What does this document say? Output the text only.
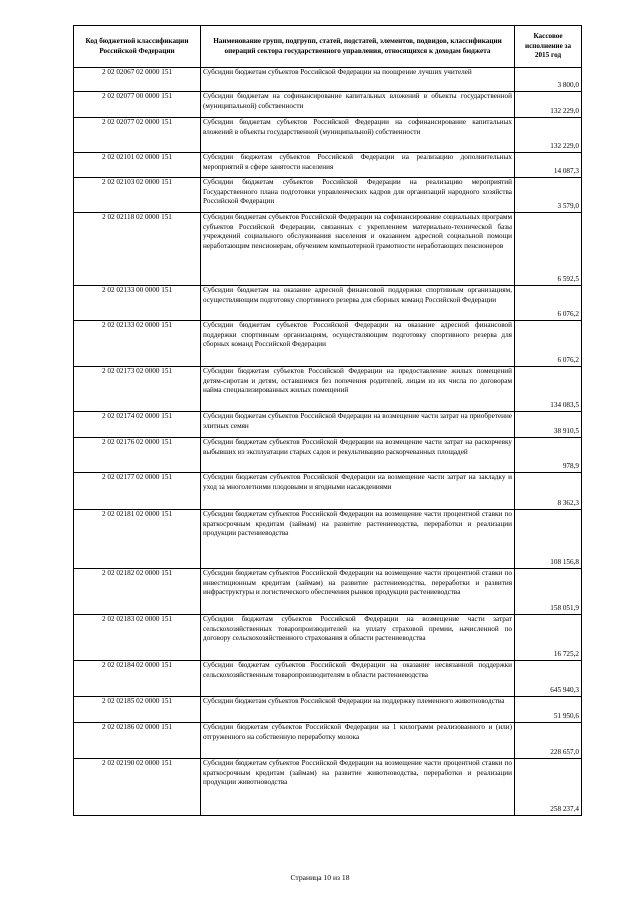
Код бюджетной классификации Российской Федерации	Наименование групп, подгрупп, статей, подстатей, элементов, подвидов, классификации операций сектора государственного управления, относящихся к доходам бюджета	Кассовое исполнение за 2015 год
2 02 02067 02 0000 151	Субсидии бюджетам субъектов Российской Федерации на поощрение лучших учителей	3 800,0
2 02 02077 00 0000 151	Субсидии бюджетам на софинансирование капитальных вложений в объекты государственной (муниципальной) собственности	132 229,0
2 02 02077 02 0000 151	Субсидии бюджетам субъектов Российской Федерации на софинансирование капитальных вложений в объекты государственной (муниципальной) собственности	132 229,0
2 02 02101 02 0000 151	Субсидии бюджетам субъектов Российской Федерации на реализацию дополнительных мероприятий в сфере занятости населения	14 087,3
2 02 02103 02 0000 151	Субсидии бюджетам субъектов Российской Федерации на реализацию мероприятий Государственного плана подготовки управленческих кадров для организаций народного хозяйства Российской Федерации	3 579,0
2 02 02118 02 0000 151	Субсидии бюджетам субъектов Российской Федерации на софинансирование социальных программ субъектов Российской Федерации, связанных с укреплением материально-технической базы учреждений социального обслуживания населения и оказанием адресной социальной помощи неработающим пенсионерам, обучением компьютерной грамотности неработающих пенсионеров	6 592,5
2 02 02133 00 0000 151	Субсидии бюджетам на оказание адресной финансовой поддержки спортивным организациям, осуществляющим подготовку спортивного резерва для сборных команд Российской Федерации	6 076,2
2 02 02133 02 0000 151	Субсидии бюджетам субъектов Российской Федерации на оказание адресной финансовой поддержки спортивным организациям, осуществляющим подготовку спортивного резерва для сборных команд Российской Федерации	6 076,2
2 02 02173 02 0000 151	Субсидии бюджетам субъектов Российской Федерации на предоставление жилых помещений детям-сиротам и детям, оставшимся без попечения родителей, лицам из их числа по договорам найма специализированных жилых помещений	134 083,5
2 02 02174 02 0000 151	Субсидии бюджетам субъектов Российской Федерации на возмещение части затрат на приобретение элитных семян	38 910,5
2 02 02176 02 0000 151	Субсидии бюджетам субъектов Российской Федерации на возмещение части затрат на раскорчевку выбывших из эксплуатации старых садов и рекультивацию раскорчеванных площадей	978,9
2 02 02177 02 0000 151	Субсидии бюджетам субъектов Российской Федерации на возмещение части затрат на закладку и уход за многолетними плодовыми и ягодными насаждениями	8 362,3
2 02 02181 02 0000 151	Субсидии бюджетам субъектов Российской Федерации на возмещение части процентной ставки по краткосрочным кредитам (займам) на развитие растениеводства, переработки и реализации продукции растениеводства	108 156,8
2 02 02182 02 0000 151	Субсидии бюджетам субъектов Российской Федерации на возмещение части процентной ставки по инвестиционным кредитам (займам) на развитие растениеводства, переработки и развития инфраструктуры и логистического обеспечения рынков продукции растениеводства	158 051,9
2 02 02183 02 0000 151	Субсидии бюджетам субъектов Российской Федерации на возмещение части затрат сельскохозяйственных товаропроизводителей на уплату страховой премии, начисленной по договору сельскохозяйственного страхования в области растениеводства	16 725,2
2 02 02184 02 0000 151	Субсидии бюджетам субъектов Российской Федерации на оказание несвязанной поддержки сельскохозяйственным товаропроизводителям в области растениеводства	645 940,3
2 02 02185 02 0000 151	Субсидии бюджетам субъектов Российской Федерации на поддержку племенного животноводства	51 950,6
2 02 02186 02 0000 151	Субсидии бюджетам субъектов Российской Федерации на 1 килограмм реализованного и (или) отгруженного на собственную переработку молока	228 657,0
2 02 02190 02 0000 151	Субсидии бюджетам субъектов Российской Федерации на возмещение части процентной ставки по краткосрочным кредитам (займам) на развитие животноводства, переработки и реализации продукции животноводства	258 237,4
Страница 10 из 18
